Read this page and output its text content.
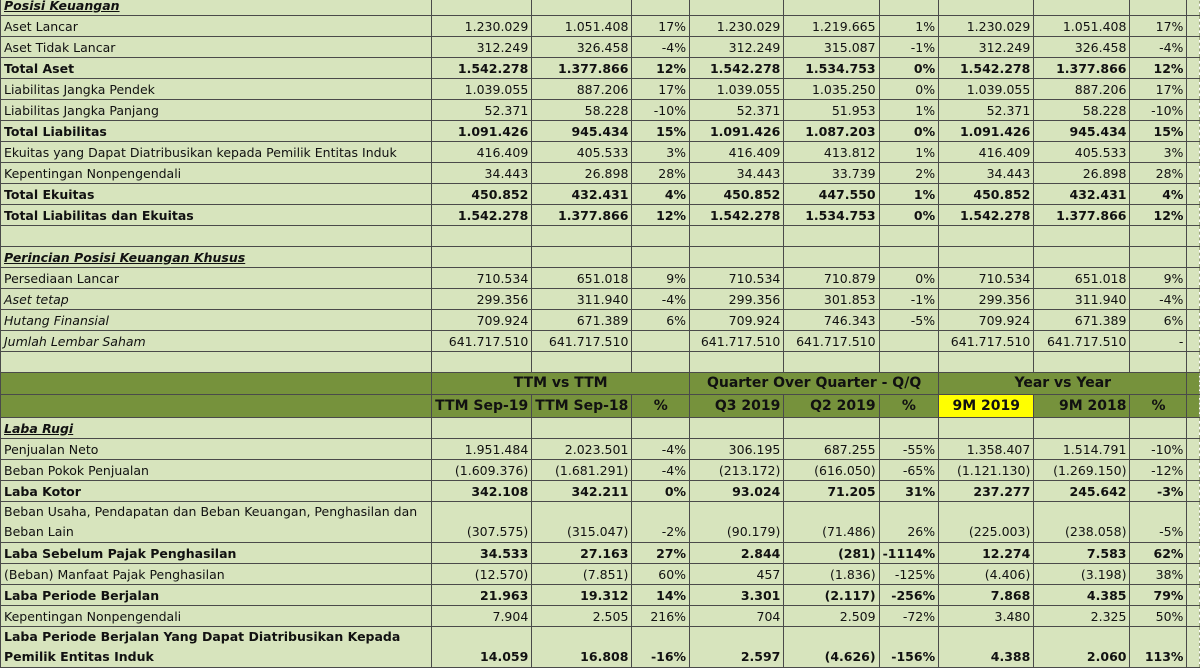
Posisi Keuangan										
Aset Lancar	1.230.029	1.051.408	17%	1.230.029	1.219.665	1%	1.230.029	1.051.408	17%	
Aset Tidak Lancar	312.249	326.458	-4%	312.249	315.087	-1%	312.249	326.458	-4%	
Total Aset	1.542.278	1.377.866	12%	1.542.278	1.534.753	0%	1.542.278	1.377.866	12%	
Liabilitas Jangka Pendek	1.039.055	887.206	17%	1.039.055	1.035.250	0%	1.039.055	887.206	17%	
Liabilitas Jangka Panjang	52.371	58.228	-10%	52.371	51.953	1%	52.371	58.228	-10%	
Total Liabilitas	1.091.426	945.434	15%	1.091.426	1.087.203	0%	1.091.426	945.434	15%	
Ekuitas yang Dapat Diatribusikan kepada Pemilik Entitas Induk	416.409	405.533	3%	416.409	413.812	1%	416.409	405.533	3%	
Kepentingan Nonpengendali	34.443	26.898	28%	34.443	33.739	2%	34.443	26.898	28%	
Total Ekuitas	450.852	432.431	4%	450.852	447.550	1%	450.852	432.431	4%	
Total Liabilitas dan Ekuitas	1.542.278	1.377.866	12%	1.542.278	1.534.753	0%	1.542.278	1.377.866	12%	

Perincian Posisi Keuangan Khusus										
Persediaan Lancar	710.534	651.018	9%	710.534	710.879	0%	710.534	651.018	9%	
Aset tetap	299.356	311.940	-4%	299.356	301.853	-1%	299.356	311.940	-4%	
Hutang Finansial	709.924	671.389	6%	709.924	746.343	-5%	709.924	671.389	6%	
Jumlah Lembar Saham	641.717.510	641.717.510		641.717.510	641.717.510		641.717.510	641.717.510	-	

	TTM vs TTM			Quarter Over Quarter - Q/Q			Year vs Year			
	TTM Sep-19	TTM Sep-18	%	Q3 2019	Q2 2019	%	9M 2019	9M 2018	%	
Laba Rugi										
Penjualan Neto	1.951.484	2.023.501	-4%	306.195	687.255	-55%	1.358.407	1.514.791	-10%	
Beban Pokok Penjualan	(1.609.376)	(1.681.291)	-4%	(213.172)	(616.050)	-65%	(1.121.130)	(1.269.150)	-12%	
Laba Kotor	342.108	342.211	0%	93.024	71.205	31%	237.277	245.642	-3%	
Beban Usaha, Pendapatan dan Beban Keuangan, Penghasilan dan Beban Lain	(307.575)	(315.047)	-2%	(90.179)	(71.486)	26%	(225.003)	(238.058)	-5%	
Laba Sebelum Pajak Penghasilan	34.533	27.163	27%	2.844	(281)	-1114%	12.274	7.583	62%	
(Beban) Manfaat Pajak Penghasilan	(12.570)	(7.851)	60%	457	(1.836)	-125%	(4.406)	(3.198)	38%	
Laba Periode Berjalan	21.963	19.312	14%	3.301	(2.117)	-256%	7.868	4.385	79%	
Kepentingan Nonpengendali	7.904	2.505	216%	704	2.509	-72%	3.480	2.325	50%	
Laba Periode Berjalan Yang Dapat Diatribusikan Kepada Pemilik Entitas Induk	14.059	16.808	-16%	2.597	(4.626)	-156%	4.388	2.060	113%	
